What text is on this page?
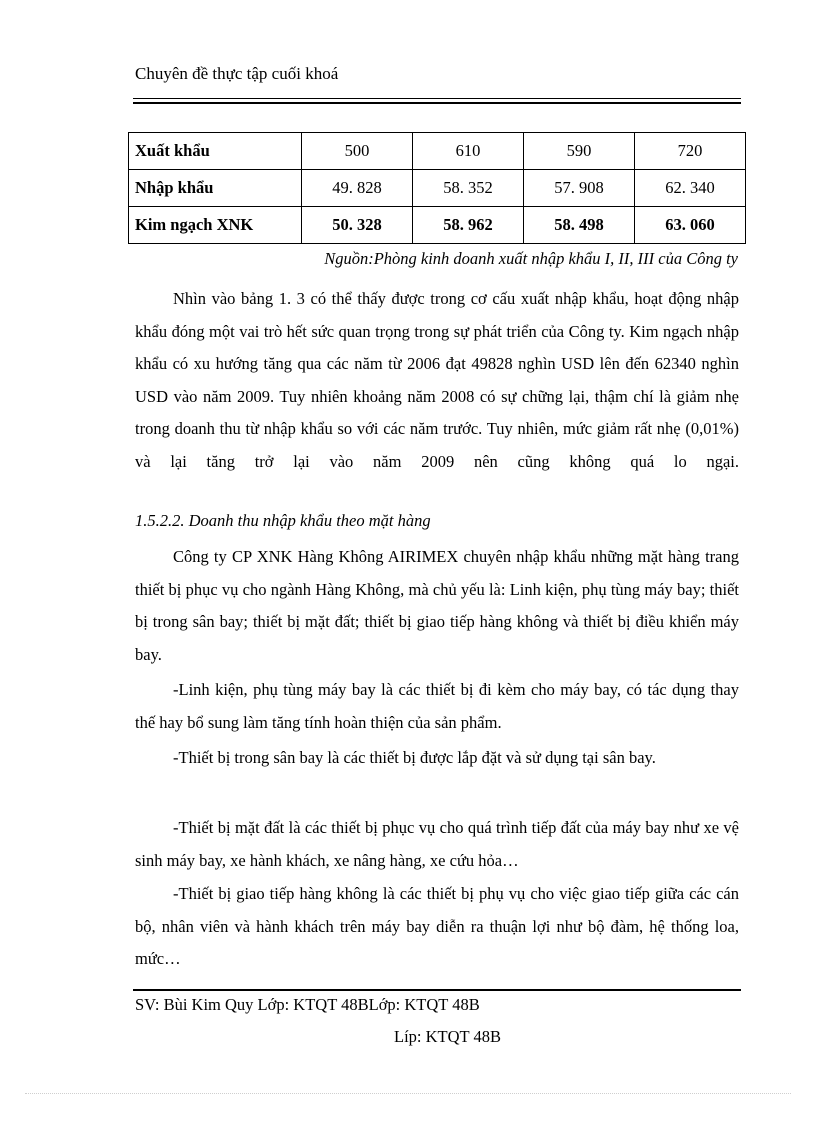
Chuyên đề thực tập cuối khoá
Xuất khẩu	500	610	590	720
Nhập khẩu	49. 828	58. 352	57. 908	62. 340
Kim ngạch XNK	50. 328	58. 962	58. 498	63. 060
Nguồn:Phòng kinh doanh xuất nhập khẩu I, II, III của Công ty

Nhìn vào bảng 1. 3 có thể thấy được trong cơ cấu xuất nhập khẩu, hoạt động nhập khẩu đóng một vai trò hết sức quan trọng trong sự phát triển của Công ty. Kim ngạch nhập khẩu có xu hướng tăng qua các năm từ 2006 đạt 49828 nghìn USD lên đến 62340 nghìn USD vào năm 2009. Tuy nhiên khoảng năm 2008 có sự chững lại, thậm chí là giảm nhẹ trong doanh thu từ nhập khẩu so với các năm trước. Tuy nhiên, mức giảm rất nhẹ (0,01%) và lại tăng trở lại vào năm 2009 nên cũng không quá lo ngại.

1.5.2.2. Doanh thu nhập khẩu theo mặt hàng

Công ty CP XNK Hàng Không AIRIMEX chuyên nhập khẩu những mặt hàng trang thiết bị phục vụ cho ngành Hàng Không, mà chủ yếu là: Linh kiện, phụ tùng máy bay; thiết bị trong sân bay; thiết bị mặt đất; thiết bị giao tiếp hàng không và thiết bị điều khiển máy bay.

-Linh kiện, phụ tùng máy bay là các thiết bị đi kèm cho máy bay, có tác dụng thay thế hay bổ sung làm tăng tính hoàn thiện của sản phẩm.

-Thiết bị trong sân bay là các thiết bị được lắp đặt và sử dụng tại sân bay.

-Thiết bị mặt đất là các thiết bị phục vụ cho quá trình tiếp đất của máy bay như xe vệ sinh máy bay, xe hành khách, xe nâng hàng, xe cứu hỏa…

-Thiết bị giao tiếp hàng không là các thiết bị phụ vụ cho việc giao tiếp giữa các cán bộ, nhân viên và hành khách trên máy bay diễn ra thuận lợi như bộ đàm, hệ thống loa, mức…

SV: Bùi Kim Quy Lớp: KTQT 48BLớp: KTQT 48B
Líp: KTQT 48B
